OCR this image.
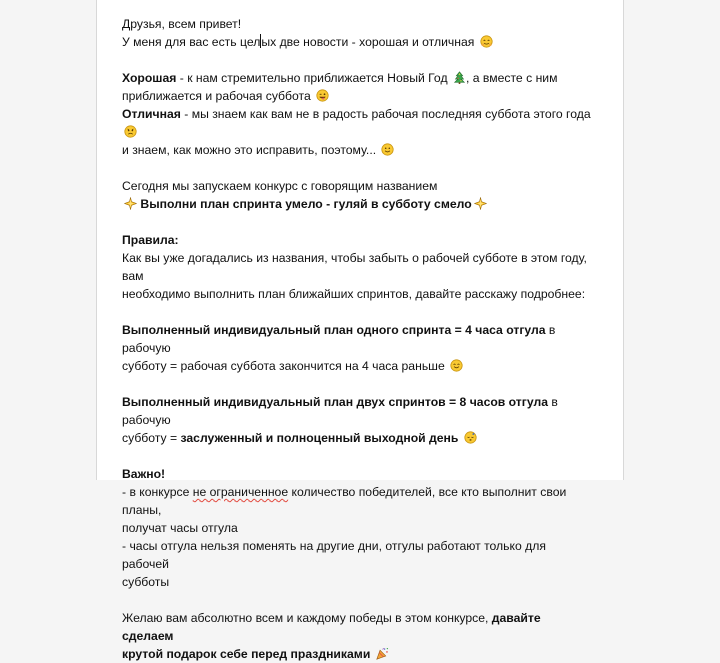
Друзья, всем привет!

У меня для вас есть целых две новости - хорошая и отличная

Хорошая - к нам стремительно приближается Новый Год , а вместе с ним

приближается и рабочая суббота

Отличная - мы знаем как вам не в радость рабочая последняя суббота этого года

и знаем, как можно это исправить, поэтому...

Сегодня мы запускаем конкурс с говорящим названием

Выполни план спринта умело - гуляй в субботу смело

Правила:

Как вы уже догадались из названия, чтобы забыть о рабочей субботе в этом году, вам

необходимо выполнить план ближайших спринтов, давайте расскажу подробнее:

Выполненный индивидуальный план одного спринта = 4 часа отгула в рабочую

субботу = рабочая суббота закончится на 4 часа раньше

Выполненный индивидуальный план двух спринтов = 8 часов отгула в рабочую

субботу = заслуженный и полноценный выходной день	z

Важно!

- в конкурсе не ограниченное количество победителей, все кто выполнит свои планы,

получат часы отгула

- часы отгула нельзя поменять на другие дни, отгулы работают только для рабочей

субботы

Желаю вам абсолютно всем и каждому победы в этом конкурсе, давайте сделаем

крутой подарок себе перед праздниками
